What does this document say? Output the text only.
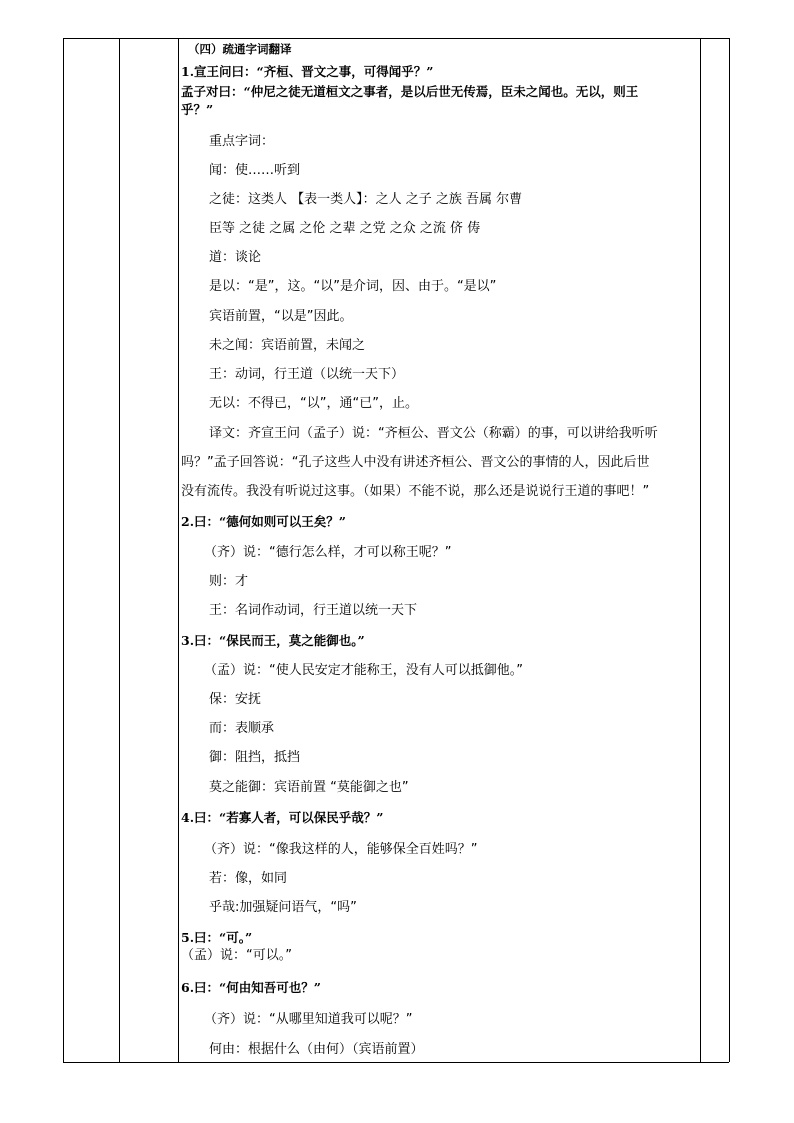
（四）疏通字词翻译
1.宣王问曰：“齐桓、晋文之事，可得闻乎？”
孟子对曰：“仲尼之徒无道桓文之事者，是以后世无传焉，臣未之闻也。无以，则王
乎？”
重点字词：
闻：使……听到
之徒：这类人 【表一类人】：之人 之子 之族 吾属 尔曹
臣等 之徒 之属 之伦 之辈 之党 之众 之流 侪 俦
道：谈论
是以：“是”，这。“以”是介词，因、由于。“是以”
宾语前置，“以是”因此。
未之闻：宾语前置，未闻之
王：动词，行王道（以统一天下）
无以：不得已，“以”，通“已”，止。
译文：齐宣王问（孟子）说：“齐桓公、晋文公（称霸）的事，可以讲给我听听
吗？”孟子回答说：“孔子这些人中没有讲述齐桓公、晋文公的事情的人，因此后世
没有流传。我没有听说过这事。（如果）不能不说，那么还是说说行王道的事吧！”
2.曰：“德何如则可以王矣？”
（齐）说：“德行怎么样，才可以称王呢？”
则：才
王：名词作动词，行王道以统一天下
3.曰：“保民而王，莫之能御也。”
（孟）说：“使人民安定才能称王，没有人可以抵御他。”
保：安抚
而：表顺承
御：阻挡，抵挡
莫之能御：宾语前置 “莫能御之也”
4.曰：“若寡人者，可以保民乎哉？”
（齐）说：“像我这样的人，能够保全百姓吗？”
若：像，如同
乎哉:加强疑问语气，“吗”
5.曰：“可。”
（孟）说：“可以。”
6.曰：“何由知吾可也？”
（齐）说：“从哪里知道我可以呢？”
何由：根据什么（由何）（宾语前置）
